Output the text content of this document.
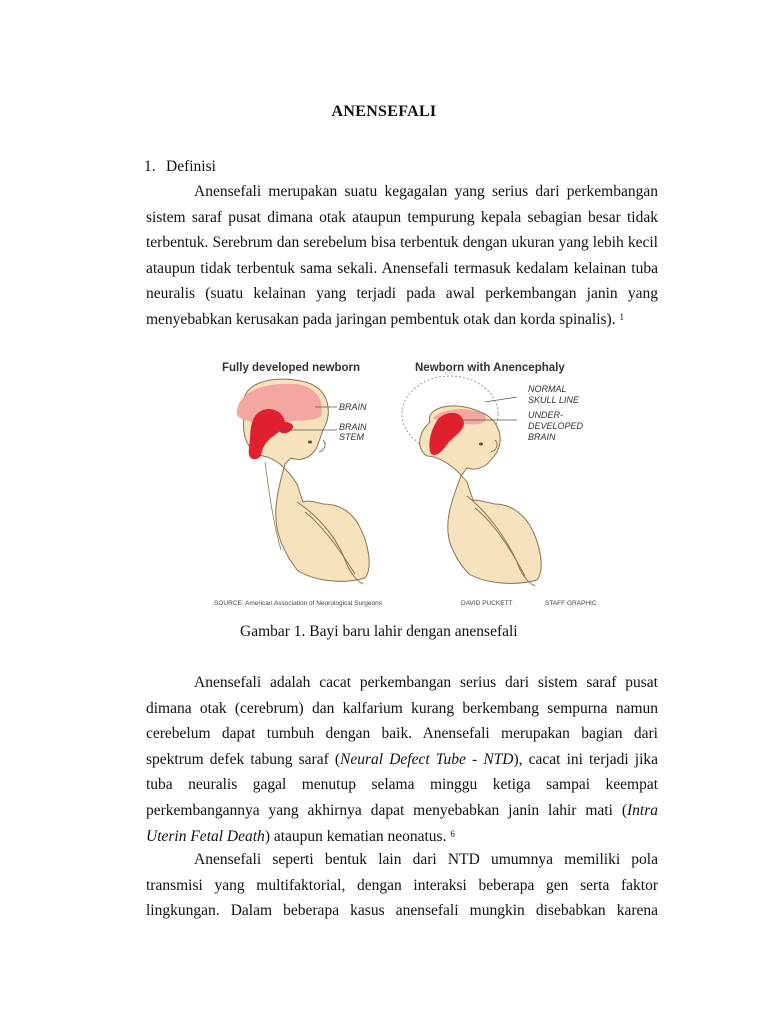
ANENSEFALI
1. Definisi
Anensefali merupakan suatu kegagalan yang serius dari perkembangan
sistem saraf pusat dimana otak ataupun tempurung kepala sebagian besar tidak
terbentuk. Serebrum dan serebelum bisa terbentuk dengan ukuran yang lebih kecil
ataupun tidak terbentuk sama sekali. Anensefali termasuk kedalam kelainan tuba
neuralis (suatu kelainan yang terjadi pada awal perkembangan janin yang
menyebabkan kerusakan pada jaringan pembentuk otak dan korda spinalis). $^1$
Fully developed newborn	Newborn with Anencephaly
BRAIN
BRAIN
STEM
NORMAL
SKULL LINE
UNDER-
DEVELOPED
BRAIN
SOURCE: American Association of Neurological Surgeons	DAVID PUCKETT	STAFF GRAPHIC
Gambar 1. Bayi baru lahir dengan anensefali
Anensefali adalah cacat perkembangan serius dari sistem saraf pusat
dimana otak (cerebrum) dan kalfarium kurang berkembang sempurna namun
cerebelum dapat tumbuh dengan baik. Anensefali merupakan bagian dari
spektrum defek tabung saraf (Neural Defect Tube - NTD), cacat ini terjadi jika
tuba neuralis gagal menutup selama minggu ketiga sampai keempat
perkembangannya yang akhirnya dapat menyebabkan janin lahir mati (Intra
Uterin Fetal Death) ataupun kematian neonatus. $^6$
Anensefali seperti bentuk lain dari NTD umumnya memiliki pola
transmisi yang multifaktorial, dengan interaksi beberapa gen serta faktor
lingkungan. Dalam beberapa kasus anensefali mungkin disebabkan karena
